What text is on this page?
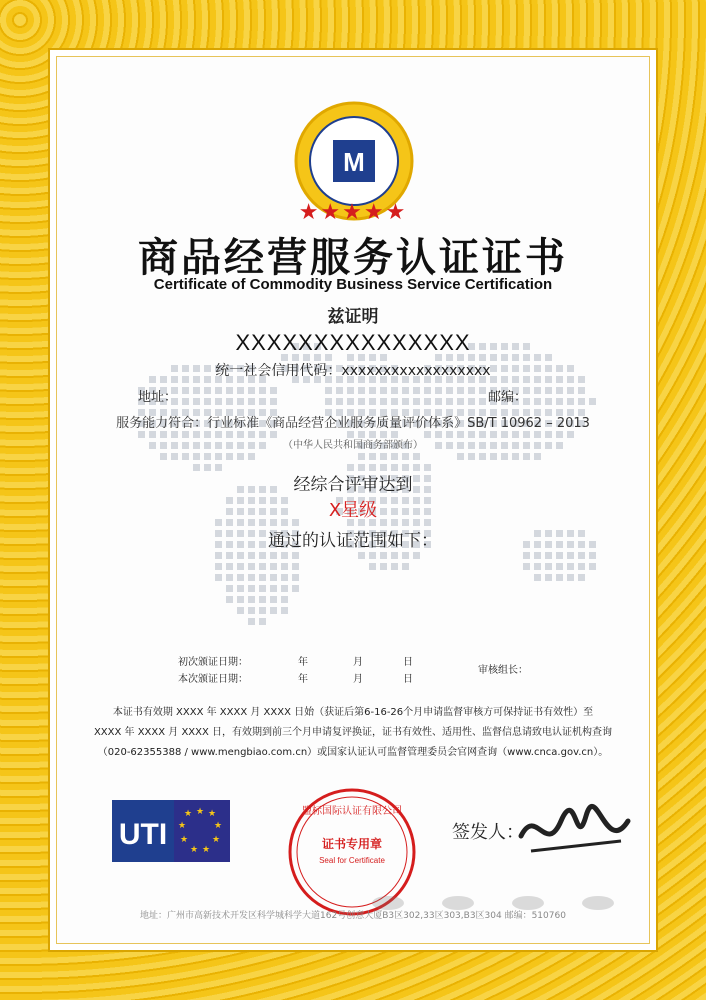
M
★★★★★
商品经营服务认证证书
Certificate of Commodity Business Service Certification
兹证明
XXXXXXXXXXXXXXX
统一社会信用代码：xxxxxxxxxxxxxxxxxx
地址：	邮编：
服务能力符合：行业标准《商品经营企业服务质量评价体系》SB/T 10962 – 2013
（中华人民共和国商务部颁布）
经综合评审达到
X星级
通过的认证范围如下：
初次颁证日期：	年	月	日
本次颁证日期：	年	月	日
审核组长：
本证书有效期 XXXX 年 XXXX 月 XXXX 日始（获证后第6-16-26个月申请监督审核方可保持证书有效性）至
XXXX 年 XXXX 月 XXXX 日，有效期到前三个月申请复评换证，证书有效性、适用性、监督信息请致电认证机构查询
（020-62355388 / www.mengbiao.com.cn）或国家认证认可监督管理委员会官网查询（www.cnca.gov.cn）。
UTI
★ ★ ★
★
★
★
★
★
★
证书专用章
Seal for Certificate
盟标国际认证有限公司
签发人：
地址：广州市高新技术开发区科学城科学大道162号创意大厦B3区302,33区303,B3区304 邮编：510760
